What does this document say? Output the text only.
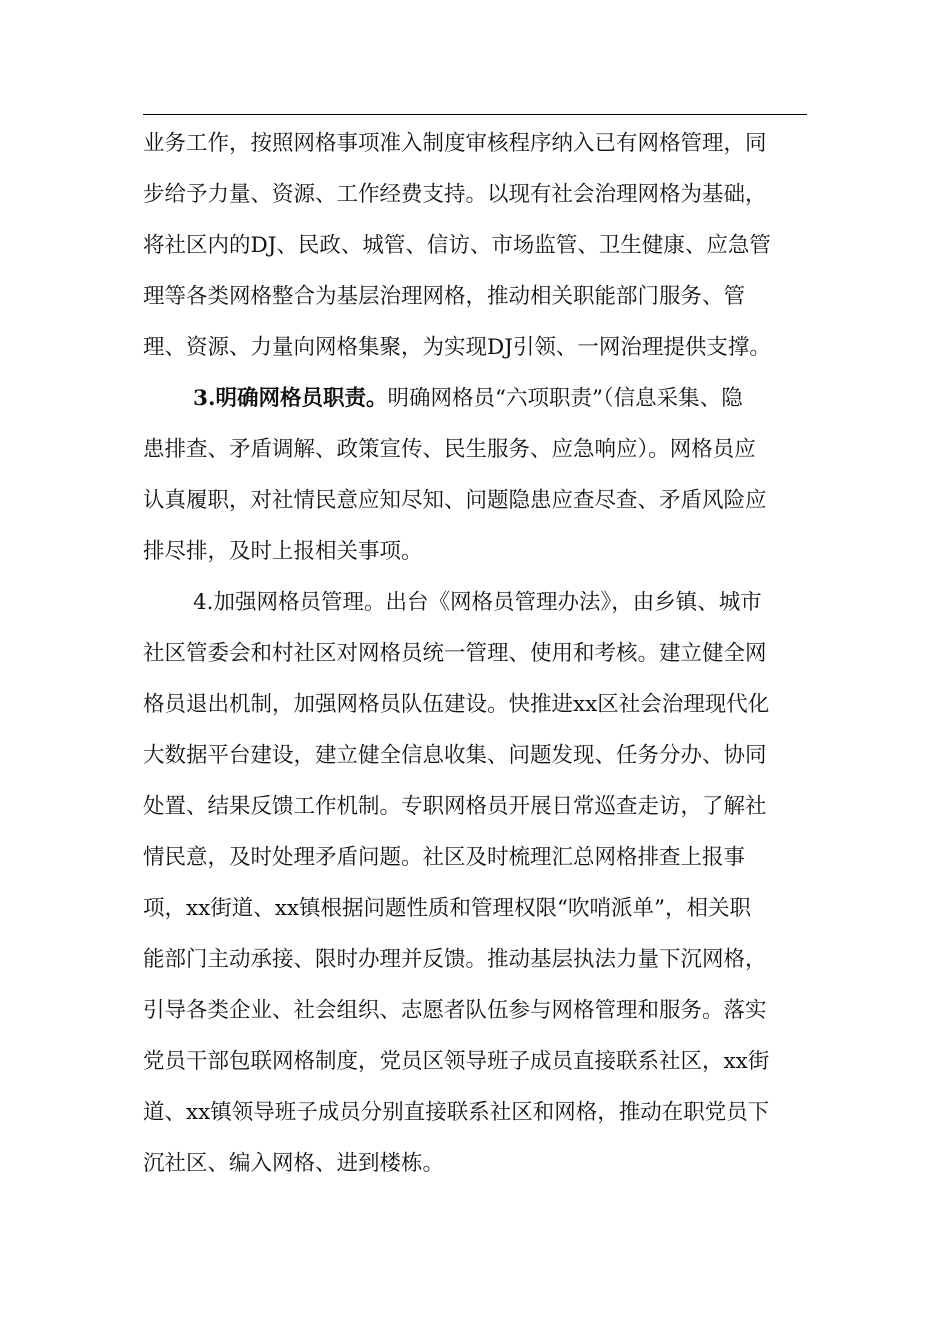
业务工作，按照网格事项准入制度审核程序纳入已有网格管理，同
步给予力量、资源、工作经费支持。以现有社会治理网格为基础，
将社区内的DJ、民政、城管、信访、市场监管、卫生健康、应急管
理等各类网格整合为基层治理网格，推动相关职能部门服务、管
理、资源、力量向网格集聚，为实现DJ引领、一网治理提供支撑。
3.明确网格员职责。明确网格员“六项职责”（信息采集、隐
患排查、矛盾调解、政策宣传、民生服务、应急响应）。网格员应
认真履职，对社情民意应知尽知、问题隐患应查尽查、矛盾风险应
排尽排，及时上报相关事项。
4.加强网格员管理。出台《网格员管理办法》，由乡镇、城市
社区管委会和村社区对网格员统一管理、使用和考核。建立健全网
格员退出机制，加强网格员队伍建设。快推进xx区社会治理现代化
大数据平台建设，建立健全信息收集、问题发现、任务分办、协同
处置、结果反馈工作机制。专职网格员开展日常巡查走访，了解社
情民意，及时处理矛盾问题。社区及时梳理汇总网格排查上报事
项，xx街道、xx镇根据问题性质和管理权限“吹哨派单”，相关职
能部门主动承接、限时办理并反馈。推动基层执法力量下沉网格，
引导各类企业、社会组织、志愿者队伍参与网格管理和服务。落实
党员干部包联网格制度，党员区领导班子成员直接联系社区，xx街
道、xx镇领导班子成员分别直接联系社区和网格，推动在职党员下
沉社区、编入网格、进到楼栋。
